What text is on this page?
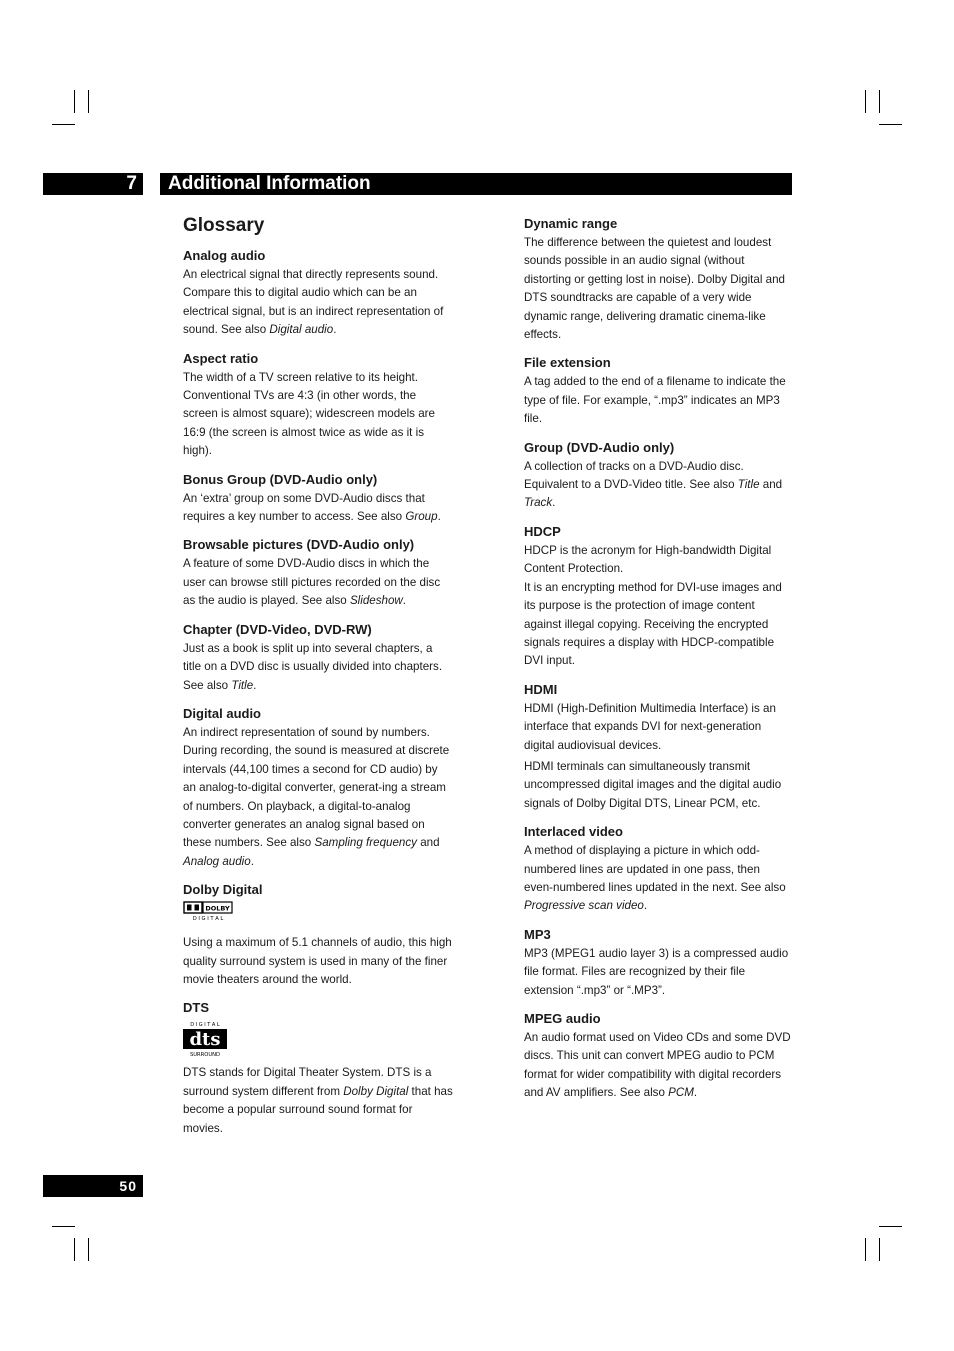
7	Additional Information
Glossary
Analog audio

An electrical signal that directly represents sound. Compare this to digital audio which can be an electrical signal, but is an indirect representation of sound. See also Digital audio.

Aspect ratio

The width of a TV screen relative to its height. Conventional TVs are 4:3 (in other words, the screen is almost square); widescreen models are 16:9 (the screen is almost twice as wide as it is high).

Bonus Group (DVD-Audio only)

An ‘extra’ group on some DVD-Audio discs that requires a key number to access. See also Group.

Browsable pictures (DVD-Audio only)

A feature of some DVD-Audio discs in which the user can browse still pictures recorded on the disc as the audio is played. See also Slideshow.

Chapter (DVD-Video, DVD-RW)

Just as a book is split up into several chapters, a title on a DVD disc is usually divided into chapters. See also Title.

Digital audio

An indirect representation of sound by numbers. During recording, the sound is measured at discrete intervals (44,100 times a second for CD audio) by an analog-to-digital converter, generat-ing a stream of numbers. On playback, a digital-to-analog converter generates an analog signal based on these numbers. See also Sampling frequency and Analog audio.

Dolby Digital
DOLBY
D I G I T A L

Using a maximum of 5.1 channels of audio, this high quality surround system is used in many of the finer movie theaters around the world.

DTS
D I G I T A L
dts
SURROUND

DTS stands for Digital Theater System. DTS is a surround system different from Dolby Digital that has become a popular surround sound format for movies.

Dynamic range

The difference between the quietest and loudest sounds possible in an audio signal (without distorting or getting lost in noise). Dolby Digital and DTS soundtracks are capable of a very wide dynamic range, delivering dramatic cinema-like effects.

File extension

A tag added to the end of a filename to indicate the type of file. For example, “.mp3” indicates an MP3 file.

Group (DVD-Audio only)

A collection of tracks on a DVD-Audio disc. Equivalent to a DVD-Video title. See also Title and Track.

HDCP

HDCP is the acronym for High-bandwidth Digital Content Protection.

It is an encrypting method for DVI-use images and its purpose is the protection of image content against illegal copying. Receiving the encrypted signals requires a display with HDCP-compatible DVI input.

HDMI

HDMI (High-Definition Multimedia Interface) is an interface that expands DVI for next-generation digital audiovisual devices.

HDMI terminals can simultaneously transmit uncompressed digital images and the digital audio signals of Dolby Digital DTS, Linear PCM, etc.

Interlaced video

A method of displaying a picture in which odd-numbered lines are updated in one pass, then even-numbered lines updated in the next. See also Progressive scan video.

MP3

MP3 (MPEG1 audio layer 3) is a compressed audio file format. Files are recognized by their file extension “.mp3” or “.MP3”.

MPEG audio

An audio format used on Video CDs and some DVD discs. This unit can convert MPEG audio to PCM format for wider compatibility with digital recorders and AV amplifiers. See also PCM.

50
